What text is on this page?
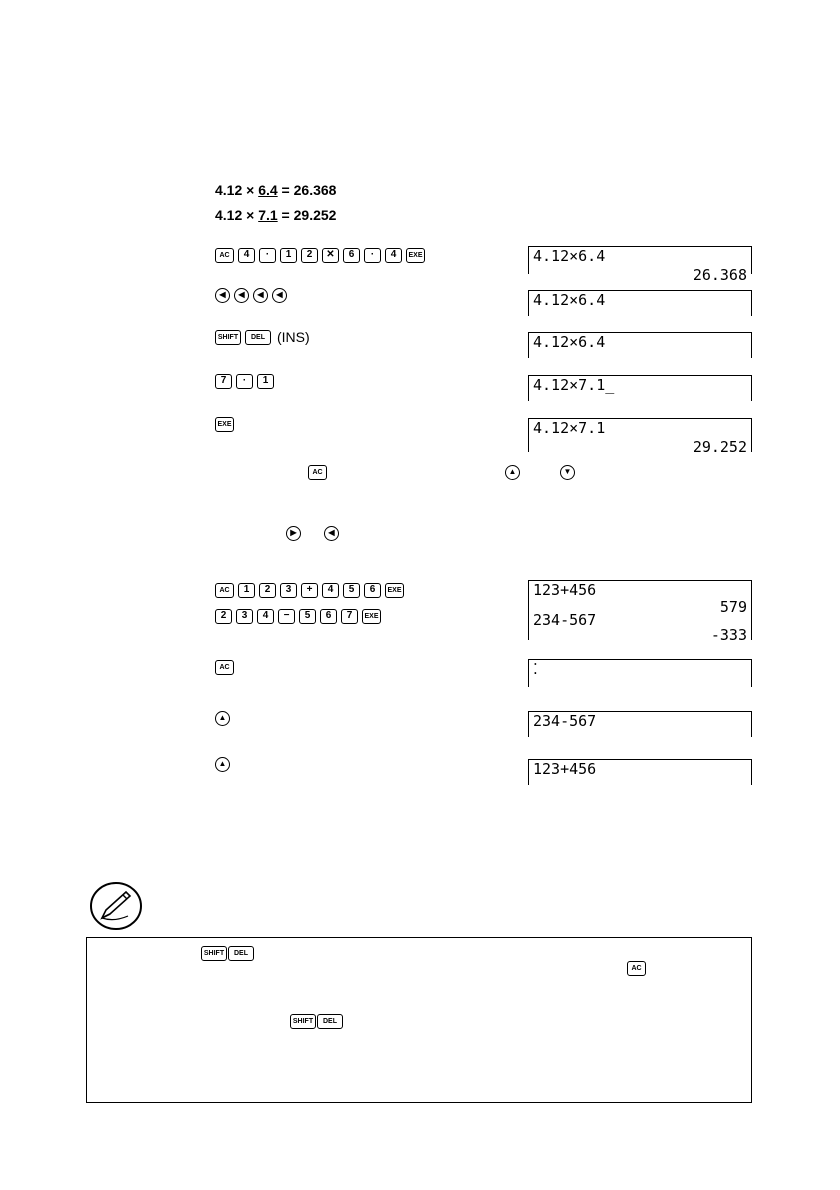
4.12 × 6.4 = 26.368
4.12 × 7.1 = 29.252
AC	4	·	1	2	✕	6	·	4	EXE	4.12×6.4
26.368
◀	◀	◀	◀	4.12×6.4
SHIFT	DEL (INS)	4.12×6.4
7	·	1	4.12×7.1_
EXE	4.12×7.1
29.252
AC	▲	▼
▶	◀
AC	1	2	3	+	4	5	6	EXE
2	3	4	−	5	6	7	EXE
123+456
579
234-567
-333
AC	⁚
▲	234-567
▲	123+456
SHIFT	DEL
AC
SHIFT	DEL
